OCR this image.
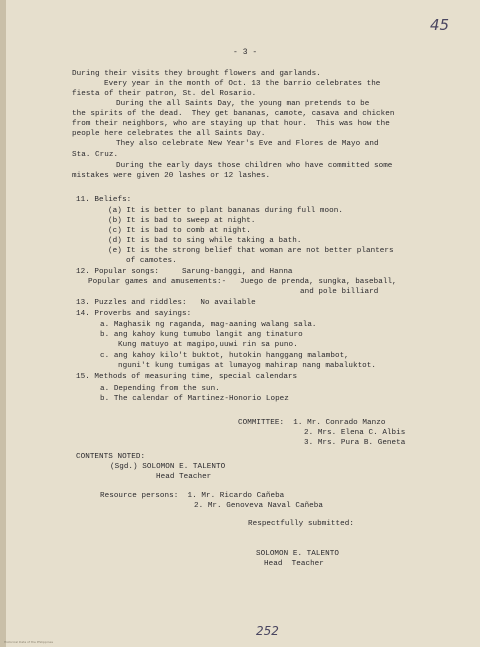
45
- 3 -
During their visits they brought flowers and garlands.
Every year in the month of Oct. 13 the barrio celebrates the
fiesta of their patron, St. del Rosario.
During the all Saints Day, the young man pretends to be
the spirits of the dead.  They get bananas, camote, casava and chicken
from their neighbors, who are staying up that hour.  This was how the
people here celebrates the all Saints Day.
They also celebrate New Year's Eve and Flores de Mayo and
Sta. Cruz.
During the early days those children who have committed some
mistakes were given 20 lashes or 12 lashes.
11. Beliefs:
(a) It is better to plant bananas during full moon.
(b) It is bad to sweep at night.
(c) It is bad to comb at night.
(d) It is bad to sing while taking a bath.
(e) It is the strong belief that woman are not better planters
of camotes.
12. Popular songs:     Sarung-banggi, and Hanna
Popular games and amusements:-   Juego de prenda, sungka, baseball,
and pole billiard
13. Puzzles and riddles:   No available
14. Proverbs and sayings:
a. Maghasik ng raganda, mag-aaning walang sala.
b. ang kahoy kung tumubo langit ang tinaturo
Kung matuyo at magipo,uuwi rin sa puno.
c. ang kahoy kilo't buktot, hutokin hanggang malambot,
nguni't kung tumigas at lumayog mahirap nang mabaluktot.
15. Methods of measuring time, special calendars
a. Depending from the sun.
b. The calendar of Martinez-Honorio Lopez
COMMITTEE:  1. Mr. Conrado Manzo
2. Mrs. Elena C. Albis
3. Mrs. Pura B. Geneta
CONTENTS NOTED:
(Sgd.) SOLOMON E. TALENTO
Head Teacher
Resource persons:  1. Mr. Ricardo Cañeba
2. Mr. Genoveva Naval Cañeba
Respectfully submitted:
SOLOMON E. TALENTO
Head  Teacher
252
Historical Data of the Philippines
